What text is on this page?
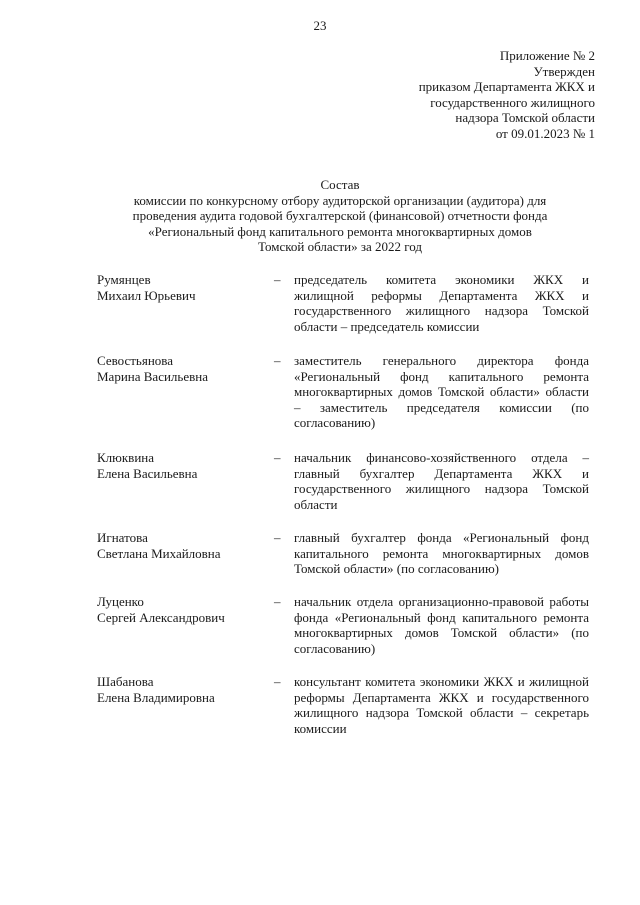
23
Приложение № 2
Утвержден
приказом Департамента ЖКХ и
государственного жилищного
надзора Томской области
от 09.01.2023 № 1
Состав
комиссии по конкурсному отбору аудиторской организации (аудитора) для
проведения аудита годовой бухгалтерской (финансовой) отчетности фонда
«Региональный фонд капитального ремонта многоквартирных домов
Томской области» за 2022 год
Румянцев
Михаил Юрьевич
– председатель комитета экономики ЖКХ и жилищной реформы Департамента ЖКХ и государственного жилищного надзора Томской области – председатель комиссии
Севостьянова
Марина Васильевна
– заместитель генерального директора фонда «Региональный фонд капитального ремонта многоквартирных домов Томской области» области – заместитель председателя комиссии (по согласованию)
Клюквина
Елена Васильевна
– начальник финансово-хозяйственного отдела – главный бухгалтер Департамента ЖКХ и государственного жилищного надзора Томской области
Игнатова
Светлана Михайловна
– главный бухгалтер фонда «Региональный фонд капитального ремонта многоквартирных домов Томской области» (по согласованию)
Луценко
Сергей Александрович
– начальник отдела организационно-правовой работы фонда «Региональный фонд капитального ремонта многоквартирных домов Томской области» (по согласованию)
Шабанова
Елена Владимировна
– консультант комитета экономики ЖКХ и жилищной реформы Департамента ЖКХ и государственного жилищного надзора Томской области – секретарь комиссии
